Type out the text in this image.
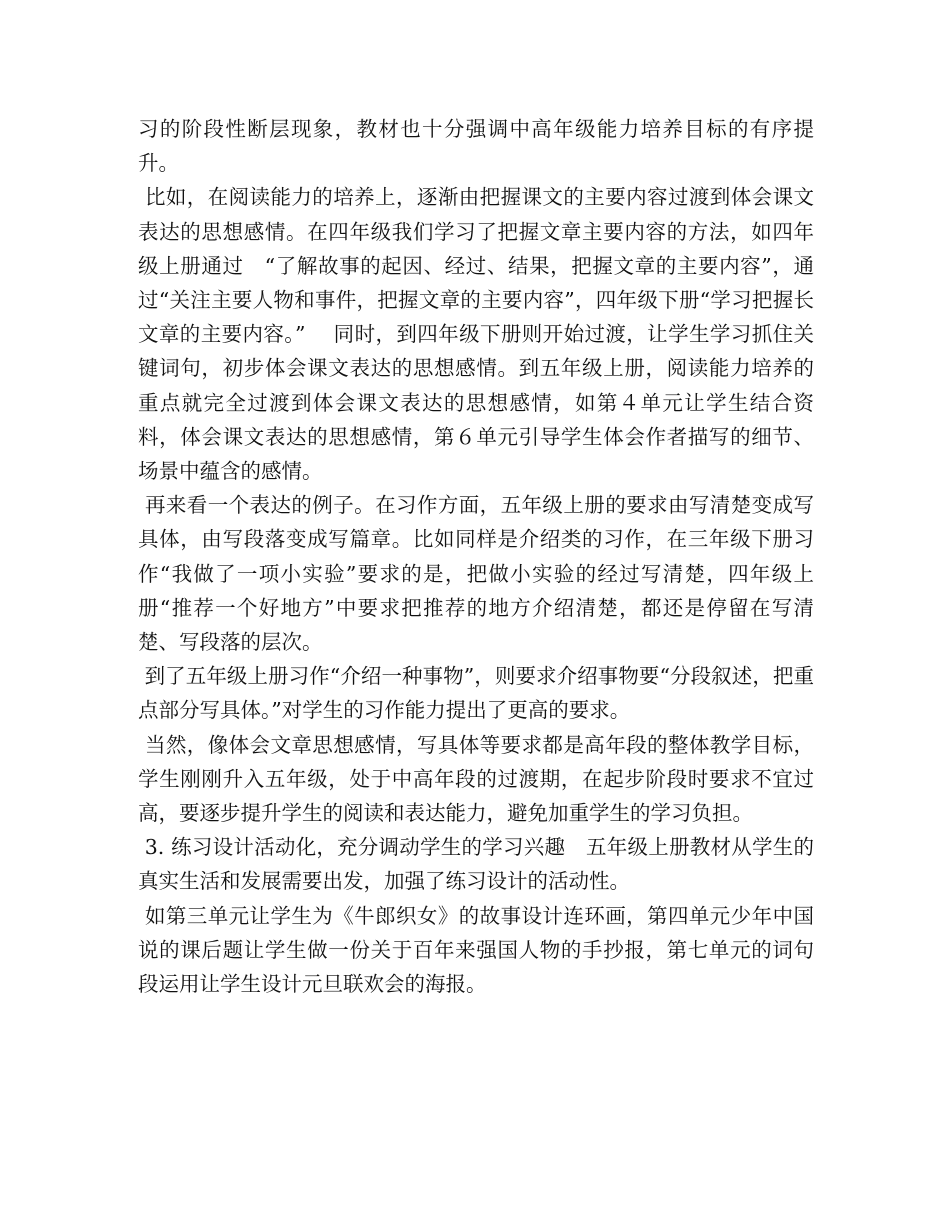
习的阶段性断层现象，教材也十分强调中高年级能力培养目标的有序提升。

比如，在阅读能力的培养上，逐渐由把握课文的主要内容过渡到体会课文表达的思想感情。在四年级我们学习了把握文章主要内容的方法，如四年级上册通过　“了解故事的起因、经过、结果，把握文章的主要内容”，通过“关注主要人物和事件，把握文章的主要内容”，四年级下册“学习把握长文章的主要内容。”　 同时，到四年级下册则开始过渡，让学生学习抓住关键词句，初步体会课文表达的思想感情。到五年级上册，阅读能力培养的重点就完全过渡到体会课文表达的思想感情，如第４单元让学生结合资料，体会课文表达的思想感情，第６单元引导学生体会作者描写的细节、场景中蕴含的感情。

再来看一个表达的例子。在习作方面，五年级上册的要求由写清楚变成写具体，由写段落变成写篇章。比如同样是介绍类的习作，在三年级下册习作“我做了一项小实验”要求的是，把做小实验的经过写清楚，四年级上册“推荐一个好地方”中要求把推荐的地方介绍清楚，都还是停留在写清楚、写段落的层次。

到了五年级上册习作“介绍一种事物”，则要求介绍事物要“分段叙述，把重点部分写具体。”对学生的习作能力提出了更高的要求。

当然，像体会文章思想感情，写具体等要求都是高年段的整体教学目标，学生刚刚升入五年级，处于中高年段的过渡期，在起步阶段时要求不宜过高，要逐步提升学生的阅读和表达能力，避免加重学生的学习负担。

3. 练习设计活动化，充分调动学生的学习兴趣　五年级上册教材从学生的真实生活和发展需要出发，加强了练习设计的活动性。

如第三单元让学生为《牛郎织女》的故事设计连环画，第四单元少年中国说的课后题让学生做一份关于百年来强国人物的手抄报，第七单元的词句段运用让学生设计元旦联欢会的海报。
